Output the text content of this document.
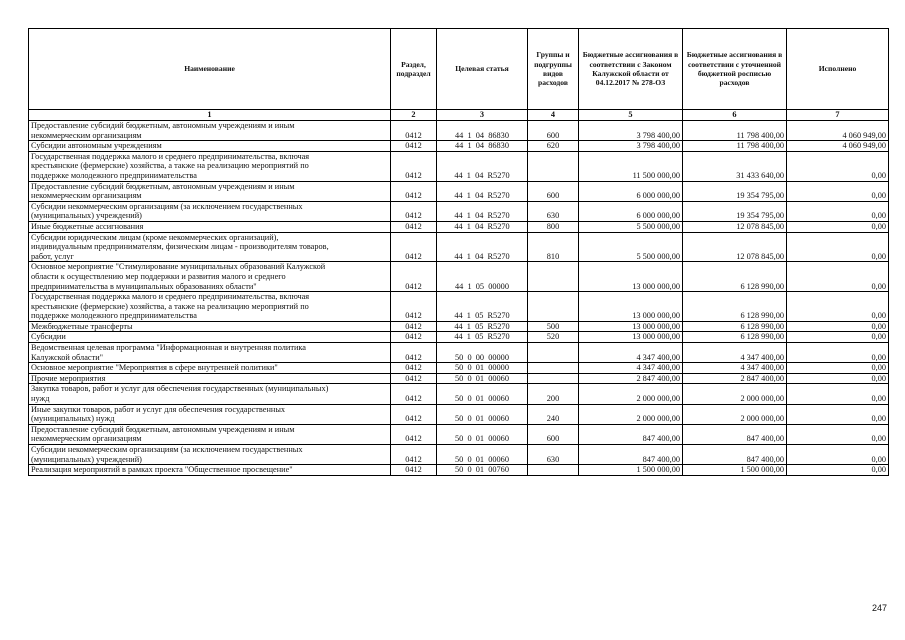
Наименование	Раздел, подраздел	Целевая статья	Группы и подгруппы видов расходов	Бюджетные ассигнования в соответствии с Законом Калужской области от 04.12.2017 № 278-ОЗ	Бюджетные ассигнования в соответствии с уточненной бюджетной росписью расходов	Исполнено
1	2	3	4	5	6	7
Предоставление субсидий бюджетным, автономным учреждениям и иным
некоммерческим организациям	0412	44  1  04  86830	600	3 798 400,00	11 798 400,00	4 060 949,00
Субсидии автономным учреждениям	0412	44  1  04  86830	620	3 798 400,00	11 798 400,00	4 060 949,00
Государственная поддержка малого и среднего предпринимательства, включая
крестьянские (фермерские) хозяйства, а также на реализацию мероприятий по
поддержке молодежного предпринимательства	0412	44  1  04  R5270		11 500 000,00	31 433 640,00	0,00
Предоставление субсидий бюджетным, автономным учреждениям и иным
некоммерческим организациям	0412	44  1  04  R5270	600	6 000 000,00	19 354 795,00	0,00
Субсидии некоммерческим организациям (за исключением государственных
(муниципальных) учреждений)	0412	44  1  04  R5270	630	6 000 000,00	19 354 795,00	0,00
Иные бюджетные ассигнования	0412	44  1  04  R5270	800	5 500 000,00	12 078 845,00	0,00
Субсидии юридическим лицам (кроме некоммерческих организаций),
индивидуальным предпринимателям, физическим лицам - производителям товаров,
работ, услуг	0412	44  1  04  R5270	810	5 500 000,00	12 078 845,00	0,00
Основное мероприятие "Стимулирование муниципальных образований Калужской
области к осуществлению мер поддержки и развития малого и среднего
предпринимательства в муниципальных образованиях области"	0412	44  1  05  00000		13 000 000,00	6 128 990,00	0,00
Государственная поддержка малого и среднего предпринимательства, включая
крестьянские (фермерские) хозяйства, а также на реализацию мероприятий по
поддержке молодежного предпринимательства	0412	44  1  05  R5270		13 000 000,00	6 128 990,00	0,00
Межбюджетные трансферты	0412	44  1  05  R5270	500	13 000 000,00	6 128 990,00	0,00
Субсидии	0412	44  1  05  R5270	520	13 000 000,00	6 128 990,00	0,00
Ведомственная целевая программа "Информационная и внутренняя политика
Калужской области"	0412	50  0  00  00000		4 347 400,00	4 347 400,00	0,00
Основное мероприятие "Мероприятия в сфере внутренней политики"	0412	50  0  01  00000		4 347 400,00	4 347 400,00	0,00
Прочие мероприятия	0412	50  0  01  00060		2 847 400,00	2 847 400,00	0,00
Закупка товаров, работ и услуг для обеспечения государственных (муниципальных)
нужд	0412	50  0  01  00060	200	2 000 000,00	2 000 000,00	0,00
Иные закупки товаров, работ и услуг для обеспечения государственных
(муниципальных) нужд	0412	50  0  01  00060	240	2 000 000,00	2 000 000,00	0,00
Предоставление субсидий бюджетным, автономным учреждениям и иным
некоммерческим организациям	0412	50  0  01  00060	600	847 400,00	847 400,00	0,00
Субсидии некоммерческим организациям (за исключением государственных
(муниципальных) учреждений)	0412	50  0  01  00060	630	847 400,00	847 400,00	0,00
Реализация мероприятий в рамках проекта "Общественное просвещение"	0412	50  0  01  00760		1 500 000,00	1 500 000,00	0,00
247
